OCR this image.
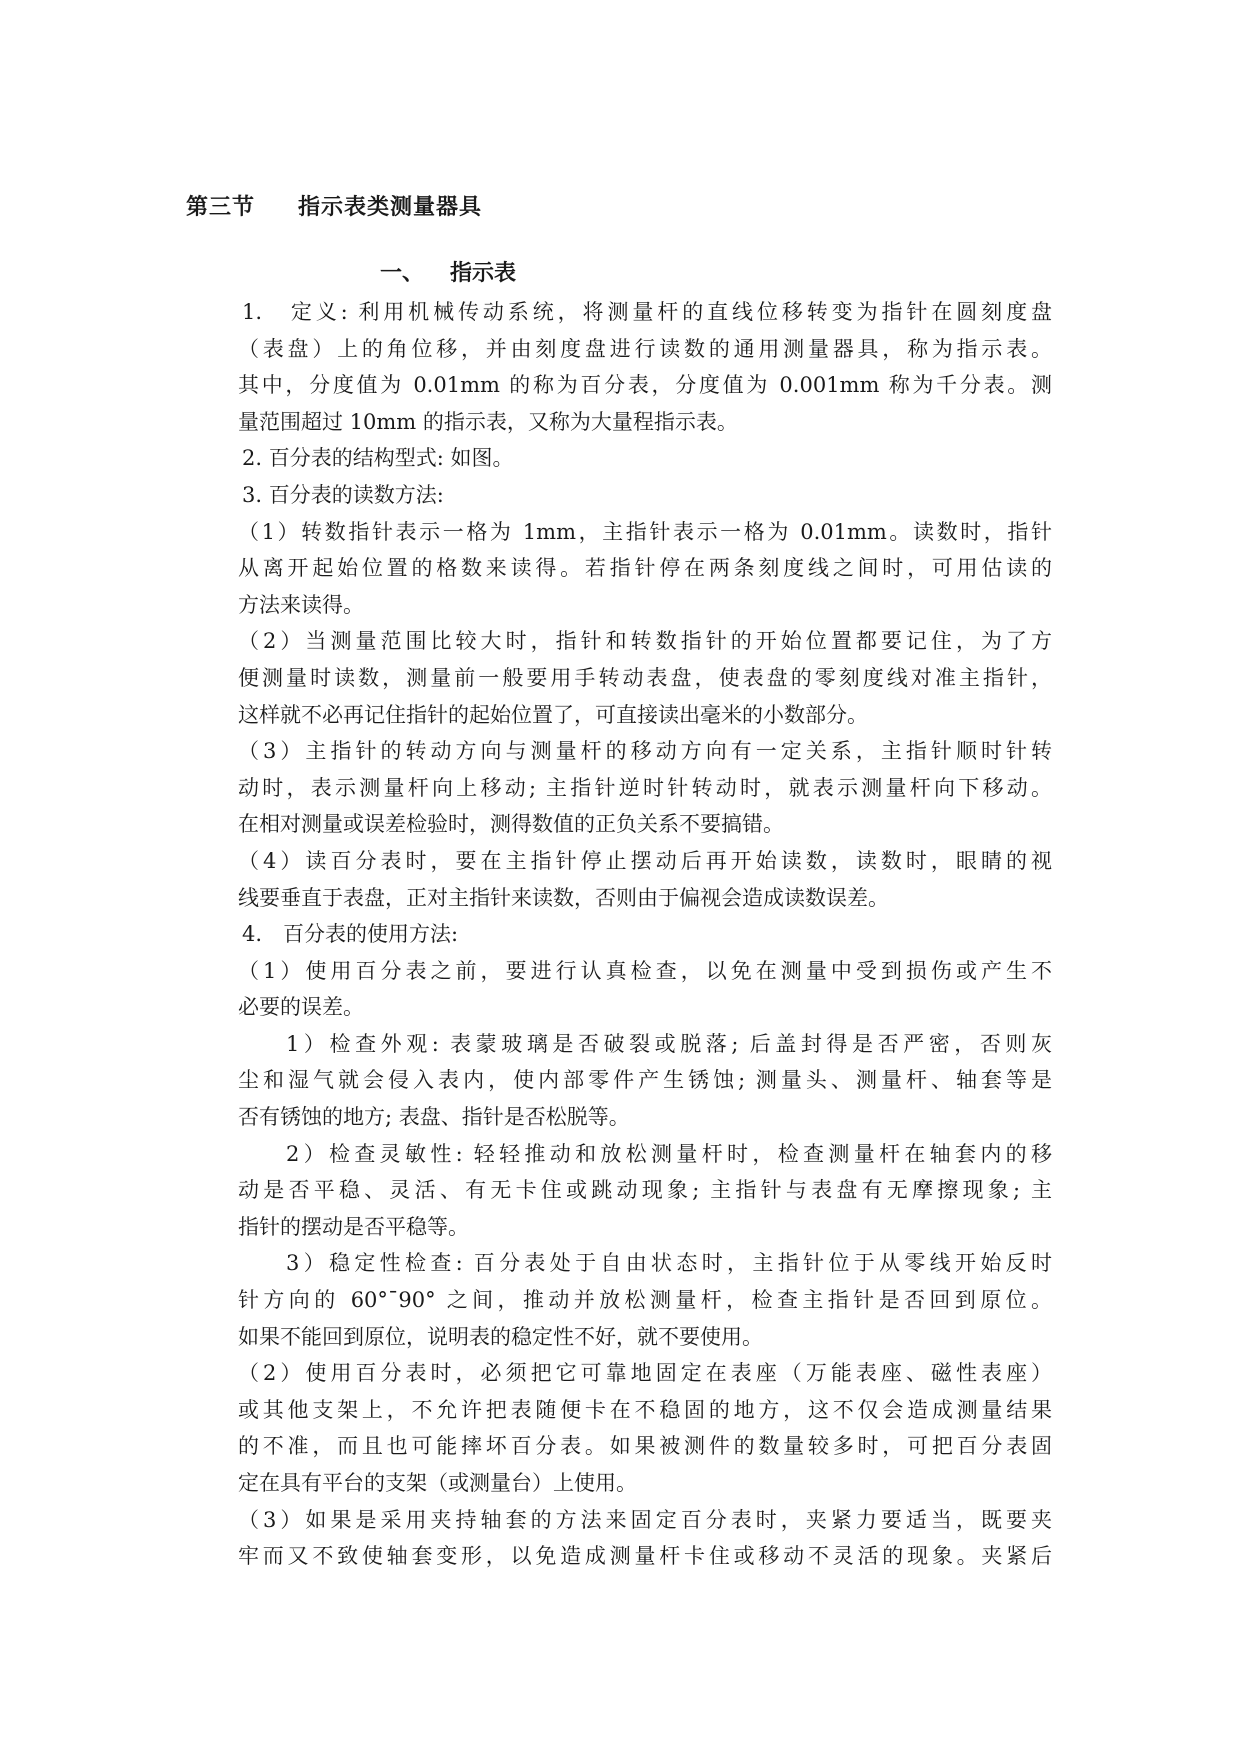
第三节 指示表类测量器具
一、 指示表
1.　定义: 利用机械传动系统，将测量杆的直线位移转变为指针在圆刻度盘
（表盘）上的角位移，并由刻度盘进行读数的通用测量器具，称为指示表。
其中，分度值为 0.01mm 的称为百分表，分度值为 0.001mm 称为千分表。测
量范围超过 10mm 的指示表，又称为大量程指示表。
2. 百分表的结构型式: 如图。
3. 百分表的读数方法:
（1）转数指针表示一格为 1mm，主指针表示一格为 0.01mm。读数时，指针
从离开起始位置的格数来读得。若指针停在两条刻度线之间时，可用估读的
方法来读得。
（2）当测量范围比较大时，指针和转数指针的开始位置都要记住，为了方
便测量时读数，测量前一般要用手转动表盘，使表盘的零刻度线对准主指针，
这样就不必再记住指针的起始位置了，可直接读出毫米的小数部分。
（3）主指针的转动方向与测量杆的移动方向有一定关系，主指针顺时针转
动时，表示测量杆向上移动; 主指针逆时针转动时，就表示测量杆向下移动。
在相对测量或误差检验时，测得数值的正负关系不要搞错。
（4）读百分表时，要在主指针停止摆动后再开始读数，读数时，眼睛的视
线要垂直于表盘，正对主指针来读数，否则由于偏视会造成读数误差。
4.　百分表的使用方法:
（1）使用百分表之前，要进行认真检查，以免在测量中受到损伤或产生不
必要的误差。
1）检查外观: 表蒙玻璃是否破裂或脱落; 后盖封得是否严密，否则灰
尘和湿气就会侵入表内，使内部零件产生锈蚀; 测量头、测量杆、轴套等是
否有锈蚀的地方; 表盘、指针是否松脱等。
2）检查灵敏性: 轻轻推动和放松测量杆时，检查测量杆在轴套内的移
动是否平稳、灵活、有无卡住或跳动现象; 主指针与表盘有无摩擦现象; 主
指针的摆动是否平稳等。
3）稳定性检查: 百分表处于自由状态时，主指针位于从零线开始反时
针方向的 60°¯90° 之间，推动并放松测量杆，检查主指针是否回到原位。
如果不能回到原位，说明表的稳定性不好，就不要使用。
（2）使用百分表时，必须把它可靠地固定在表座（万能表座、磁性表座）
或其他支架上，不允许把表随便卡在不稳固的地方，这不仅会造成测量结果
的不准，而且也可能摔坏百分表。如果被测件的数量较多时，可把百分表固
定在具有平台的支架（或测量台）上使用。
（3）如果是采用夹持轴套的方法来固定百分表时，夹紧力要适当，既要夹
牢而又不致使轴套变形，以免造成测量杆卡住或移动不灵活的现象。夹紧后
